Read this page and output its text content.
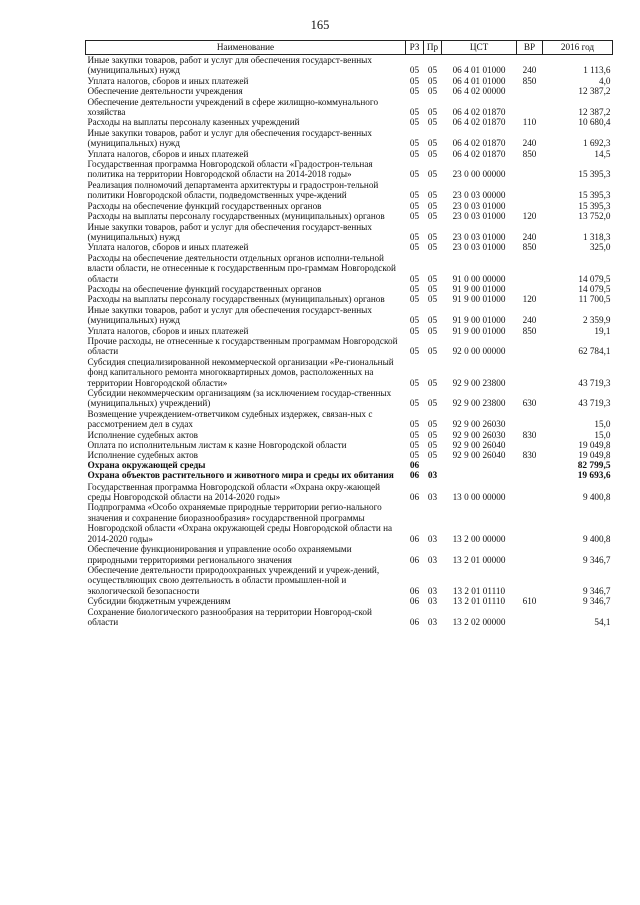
165
Наименование	РЗ	Пр	ЦСТ	ВР	2016 год
Иные закупки товаров, работ и услуг для обеспечения государст-венных (муниципальных) нужд	05	05	06 4 01 01000	240	1 113,6
Уплата налогов, сборов и иных платежей	05	05	06 4 01 01000	850	4,0
Обеспечение деятельности учреждения	05	05	06 4 02 00000		12 387,2
Обеспечение деятельности учреждений в сфере жилищно-коммунального хозяйства	05	05	06 4 02 01870		12 387,2
Расходы на выплаты персоналу казенных учреждений	05	05	06 4 02 01870	110	10 680,4
Иные закупки товаров, работ и услуг для обеспечения государст-венных (муниципальных) нужд	05	05	06 4 02 01870	240	1 692,3
Уплата налогов, сборов и иных платежей	05	05	06 4 02 01870	850	14,5
Государственная программа Новгородской области «Градострон-тельная политика на территории Новгородской области на 2014-2018 годы»	05	05	23 0 00 00000		15 395,3
Реализация полномочий департамента архитектуры и градострон-тельной политики Новгородской области, подведомственных учре-ждений	05	05	23 0 03 00000		15 395,3
Расходы на обеспечение функций государственных органов	05	05	23 0 03 01000		15 395,3
Расходы на выплаты персоналу государственных (муниципальных) органов	05	05	23 0 03 01000	120	13 752,0
Иные закупки товаров, работ и услуг для обеспечения государст-венных (муниципальных) нужд	05	05	23 0 03 01000	240	1 318,3
Уплата налогов, сборов и иных платежей	05	05	23 0 03 01000	850	325,0
Расходы на обеспечение деятельности отдельных органов исполни-тельной власти области, не отнесенные к государственным про-граммам Новгородской области	05	05	91 0 00 00000		14 079,5
Расходы на обеспечение функций государственных органов	05	05	91 9 00 01000		14 079,5
Расходы на выплаты персоналу государственных (муниципальных) органов	05	05	91 9 00 01000	120	11 700,5
Иные закупки товаров, работ и услуг для обеспечения государст-венных (муниципальных) нужд	05	05	91 9 00 01000	240	2 359,9
Уплата налогов, сборов и иных платежей	05	05	91 9 00 01000	850	19,1
Прочие расходы, не отнесенные к государственным программам Новгородской области	05	05	92 0 00 00000		62 784,1
Субсидия специализированной некоммерческой организации «Ре-гиональный фонд капитального ремонта многоквартирных домов, расположенных на территории Новгородской области»	05	05	92 9 00 23800		43 719,3
Субсидии некоммерческим организациям (за исключением государ-ственных (муниципальных) учреждений)	05	05	92 9 00 23800	630	43 719,3
Возмещение учреждением-ответчиком судебных издержек, связан-ных с рассмотрением дел в судах	05	05	92 9 00 26030		15,0
Исполнение судебных актов	05	05	92 9 00 26030	830	15,0
Оплата по исполнительным листам к казне Новгородской области	05	05	92 9 00 26040		19 049,8
Исполнение судебных актов	05	05	92 9 00 26040	830	19 049,8
Охрана окружающей среды	06				82 799,5
Охрана объектов растительного и животного мира и среды их обитания	06	03			19 693,6
Государственная программа Новгородской области «Охрана окру-жающей среды Новгородской области на 2014-2020 годы»	06	03	13 0 00 00000		9 400,8
Подпрограмма «Особо охраняемые природные территории регио-нального значения и сохранение биоразнообразия» государственной программы Новгородской области «Охрана окружающей среды Новгородской области на 2014-2020 годы»	06	03	13 2 00 00000		9 400,8
Обеспечение функционирования и управление особо охраняемыми природными территориями регионального значения	06	03	13 2 01 00000		9 346,7
Обеспечение деятельности природоохранных учреждений и учреж-дений, осуществляющих свою деятельность в области промышлен-ной и экологической безопасности	06	03	13 2 01 01110		9 346,7
Субсидии бюджетным учреждениям	06	03	13 2 01 01110	610	9 346,7
Сохранение биологического разнообразия на территории Новгород-ской области	06	03	13 2 02 00000		54,1
